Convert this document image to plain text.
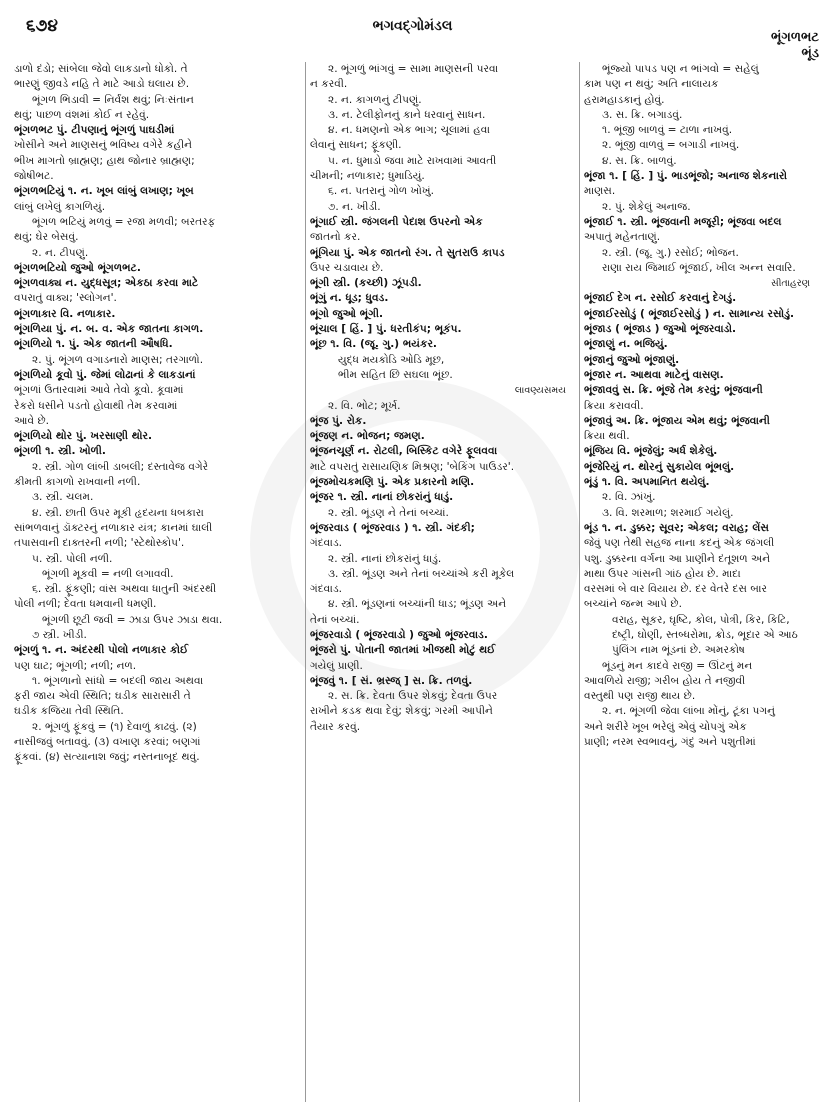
૬૭૪	ભગવદ્ગોમંડલ
ભૂંગળભટ
ભૂંડ
ડાળો દંડો; સાંબેલા જેવો લાકડાનો ધોકો. તે
ભારણું જીવડે નહિ તે માટે આડો ઘલાય છે.
ભૂંગળ ભિડાવી = નિર્વંશ થવું; નિઃસંતાન
થવું; પાછળ વંશમાં કોઈ ન રહેવું.
ભૂંગળભટ પું. ટીપણાનું ભૂંગળું પાઘડીમાં
ખોસીને અને માણસનું ભવિષ્ય વગેરે કહીને
ભીખ માગતો બ્રાહ્મણ; હાથ જોનાર બ્રાહ્મણ;
જોષીભટ.
ભૂંગળભટિયું ૧. ન. ખૂબ લાંબું લખાણ; ખૂબ
લાંબું લખેલું કાગળિયું.
ભૂંગળ ભટિયું મળવું = રજા મળવી; બરતરફ
થવું; ઘેર બેસવું.
૨. ન. ટીપણું.
ભૂંગળભટિયો જુઓ ભૂંગળભટ.
ભૂંગળવાક્ય ન. યુદ્ધસૂત્ર; એકઠા કરવા માટે
વપરાતું વાક્ય; 'સ્લોગન'.
ભૂંગળાકાર વિ. નળાકાર.
ભૂંગળિયા પું. ન. બ. વ. એક જાતના કાગળ.
ભૂંગળિયો ૧. પું. એક જાતની ઔષધિ.
૨. પું. ભૂંગળ વગાડનારો માણસ; તરગાળો.
ભૂંગળિયો કૂવો પું. જેમાં લોઢાનાં કે લાકડાનાં
ભૂંગળાં ઉતારવામાં આવે તેવો કૂવો. કૂવામાં
રેકરો ધસીને પડતો હોવાથી તેમ કરવામાં
આવે છે.
ભૂંગળિયો થોર પું. ખરસાણી થોર.
ભૂંગળી ૧. સ્ત્રી. ખોળી.
૨. સ્ત્રી. ગોળ લાંબી ડાબલી; દસ્તાવેજ વગેરે
કીમતી કાગળો રાખવાની નળી.
૩. સ્ત્રી. ચલમ.
૪. સ્ત્રી. છાતી ઉપર મૂકી હૃદયના ધબકારા
સાંભળવાનું ડૉક્ટરનું નળાકાર યંત્ર; કાનમાં ઘાલી
તપાસવાની દાક્તરની નળી; 'સ્ટેથોસ્કોપ'.
૫. સ્ત્રી. પોલી નળી.
ભૂંગળી મૂકવી = નળી લગાવવી.
૬. સ્ત્રી. ફૂંકણી; વાંસ અથવા ધાતુની અંદરથી
પોલી નળી; દેવતા ધમવાની ધમણી.
ભૂંગળી છૂટી જવી = ઝાડા ઉપર ઝાડા થવા.
૭ સ્ત્રી. ખીડી.
ભૂંગળું ૧. ન. અંદરથી પોલો નળાકાર કોઈ
પણ ઘાટ; ભૂંગળી; નળી; નળ.
૧. ભૂંગળાનો સાંધો = બદલી જાય અથવા
ફરી જાય એવી સ્થિતિ; ઘડીક સારાસારી તે
ઘડીક કજિયા તેવી સ્થિતિ.
૨. ભૂંગળું ફૂંકવું = (૧) દેવાળું કાઢવું. (૨)
નાસીજવું બતાવવું. (૩) વખાણ કરવાં; બણગાં
ફૂંકવાં. (૪) સત્યાનાશ જવું; નસ્તનાબૂદ થવું.
૨. ભૂંગળું ભાંગવું = સામા માણસની પરવા
ન કરવી.
૨. ન. કાગળનું ટીપણું.
૩. ન. ટેલીફોનનું કાને ધરવાનું સાધન.
૪. ન. ધમણનો એક ભાગ; ચૂલામાં હવા
લેવાનું સાધન; ફૂંકણી.
૫. ન. ધુમાડો જવા માટે રાખવામાં આવતી
ચીમની; નળાકાર; ધુમાડિયું.
૬. ન. પતરાનું ગોળ ખોખું.
૭. ન. ખીડી.
ભૂંગાઈ સ્ત્રી. જંગલની પેદાશ ઉપરનો એક
જાતનો કર.
ભૂંગિયા પું. એક જાતનો રંગ. તે સુતરાઉ કાપડ
ઉપર ચડાવાય છે.
ભૂંગી સ્ત્રી. (કચ્છી) ઝૂંપડી.
ભૂંગું ન. ધૂડ; ધુવડ.
ભૂંગો જુઓ ભૂંગી.
ભૂંચાલ [ હિં. ] પું. ધરતીકંપ; ભૂકંપ.
ભૂંછ ૧. વિ. (જૂ. ગુ.) ભયંકર.
યુદ્ધ મયકોડિ ઓડિ મૂછ,
ભીમ સહિત છિ સઘલા ભૂંછ.
લાવણ્યસમય
૨. વિ. ભોટ; મૂર્ખ.
ભૂંજ પું. રોક.
ભૂંજણ ન. ભોજન; જમણ.
ભૂંજનચૂર્ણ ન. રોટલી, બિસ્કિટ વગેરે ફૂલવવા
માટે વપરાતું રાસાયણિક મિશ્રણ; 'બેકિંગ પાઉડર'.
ભૂંજમોચકમણિ પું. એક પ્રકારનો મણિ.
ભૂંજર ૧. સ્ત્રી. નાનાં છોકરાંનું ધાડું.
૨. સ્ત્રી. ભૂંડણ ને તેનાં બચ્ચાં.
ભૂંજરવાડ ( ભૂંજરવાડ ) ૧. સ્ત્રી. ગંદકી;
ગંદવાડ.
૨. સ્ત્રી. નાનાં છોકરાંનું ધાડું.
૩. સ્ત્રી. ભૂંડણ અને તેનાં બચ્ચાંએ કરી મૂકેલ
ગંદવાડ.
૪. સ્ત્રી. ભૂંડણનાં બચ્ચાંની ધાડ; ભૂંડણ અને
તેનાં બચ્ચાં.
ભૂંજરવાડો ( ભૂંજરવાડો ) જુઓ ભૂંજરવાડ.
ભૂંજરો પું. પોતાની જાતમાં ખીજથી મોટું થઈ
ગયેલું પ્રાણી.
ભૂંજવું ૧. [ સં. ભ્રસ્જ્ ] સ. ક્રિ. તળવું.
૨. સ. ક્રિ. દેવતા ઉપર શેકવું; દેવતા ઉપર
રાખીને કડક થવા દેવું; શેકવું; ગરમી આપીને
તૈયાર કરવું.
ભૂંજ્યો પાપડ પણ ન ભાંગવો = સહેલું
કામ પણ ન થવું; અતિ નાલાયક
હરામહાડકાનું હોવું.
૩. સ. ક્રિ. બગાડવું.
૧. ભૂંજી બાળવું = ટાળા નાખવું.
૨. ભૂંજી વાળવું = બગાડી નાખવું.
૪. સ. ક્રિ. બાળવું.
ભૂંજા ૧. [ હિં. ] પું. ભાડભૂંજો; અનાજ શેકનારો
માણસ.
૨. પું. શેકેલું અનાજ.
ભૂંજાઈ ૧. સ્ત્રી. ભૂંજવાની મજૂરી; ભૂંજવા બદલ
અપાતું મહેનતાણું.
૨. સ્ત્રી. (જૂ. ગુ.) રસોઈ; ભોજન.
રાણા રાય જિમાઈ ભૂંજાઈ, ખીલ અન્ન સવારિ.
સીતાહરણ
ભૂંજાઈ દેગ ન. રસોઈ કરવાનું દેગડું.
ભૂંજાઈરસોડું ( ભૂંજાઈરસોડું ) ન. સામાન્ય રસોડું.
ભૂંજાડ ( ભૂંજાડ ) જુઓ ભૂંજરવાડો.
ભૂંજાણું ન. ભજિયું.
ભૂંજાનું જુઓ ભૂંજાણું.
ભૂંજાર ન. આથવા માટેનું વાસણ.
ભૂંજાવવું સ. ક્રિ. ભૂંજે તેમ કરવું; ભૂંજવાની
ક્રિયા કરાવવી.
ભૂંજાવું અ. ક્રિ. ભૂંજાય એમ થવું; ભૂંજવાની
ક્રિયા થવી.
ભૂંજિય વિ. ભૂંજેલું; અર્ધ શેકેલું.
ભૂંજેરિયું ન. થોરનું સુકાયેલ ભૂંભલું.
ભૂંડું ૧. વિ. અપમાનિત થયેલું.
૨. વિ. ઝાંખું.
૩. વિ. શરમાળ; શરમાઈ ગયેલું.
ભૂંડ ૧. ન. ડુક્કર; સૂવર; એકલ; વરાહ; લેંસ
જેવું પણ તેથી સહજ નાના કદનું એક જંગલી
પશુ. ડુક્કરના વર્ગના આ પ્રાણીને દંતૂશળ અને
માથા ઉપર ગાંસની ગાંઠ હોય છે. માદા
વરસમાં બે વાર વિયાય છે. દર વેતરે દસ બાર
બચ્ચાંને જન્મ આપે છે.
વરાહ, સૂકર, ઘૃષ્ટિ, કોલ, પોત્રી, કિર, કિટિ,
દંષ્ટ્રી, ઘોણી, સ્તબ્ધરોમા, ક્રોડ, ભૂદાર એ આઠ
પુંલિંગ નામ ભૂંડનાં છે. અમરકોષ
ભૂંડનું મન કાદવે રાજી = ઊંટનું મન
આવળિયે રાજી; ગરીબ હોય તે નજીવી
વસ્તુથી પણ રાજી થાય છે.
૨. ન. ભૂંગળી જેવા લાંબા મોંનું, ટૂંકા પગનું
અને શરીરે ખૂબ ભરેલું એવું ચોપગું એક
પ્રાણી; નરમ સ્વભાવનું, ગંદું અને પશુતીમાં
